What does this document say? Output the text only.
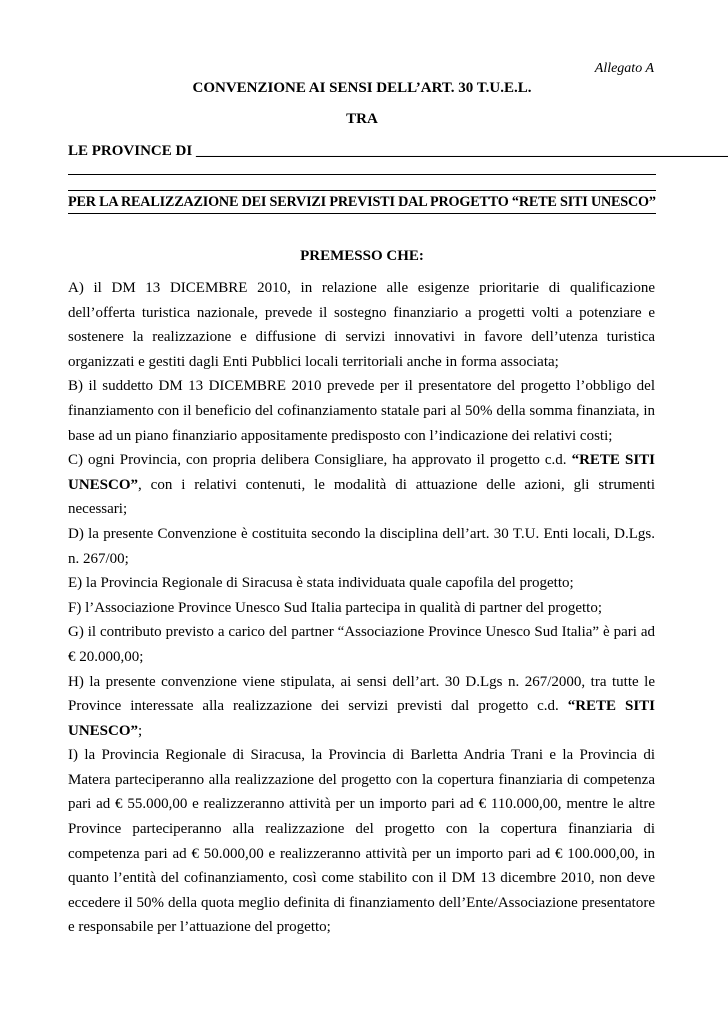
Allegato A
CONVENZIONE AI SENSI DELL’ART. 30 T.U.E.L.
TRA
LE PROVINCE DI _______________________________________________________________________
PER LA REALIZZAZIONE DEI SERVIZI PREVISTI DAL PROGETTO “RETE SITI UNESCO”
PREMESSO CHE:

A) il DM 13 DICEMBRE 2010, in relazione alle esigenze prioritarie di qualificazione dell’offerta turistica nazionale, prevede il sostegno finanziario a progetti volti a potenziare e sostenere la realizzazione e diffusione di servizi innovativi in favore dell’utenza turistica organizzati e gestiti dagli Enti Pubblici locali territoriali anche in forma associata;

B) il suddetto DM 13 DICEMBRE 2010 prevede per il presentatore del progetto l’obbligo del finanziamento con il beneficio del cofinanziamento statale pari al 50% della somma finanziata, in base ad un piano finanziario appositamente predisposto con l’indicazione dei relativi costi;

C) ogni Provincia, con propria delibera Consigliare, ha approvato il progetto c.d. “RETE SITI UNESCO”, con i relativi contenuti, le modalità di attuazione delle azioni, gli strumenti necessari;

D) la presente Convenzione è costituita secondo la disciplina dell’art. 30 T.U. Enti locali, D.Lgs. n. 267/00;

E) la Provincia Regionale di Siracusa è stata individuata quale capofila del progetto;

F) l’Associazione Province Unesco Sud Italia partecipa in qualità di partner del progetto;

G) il contributo previsto a carico del partner “Associazione Province Unesco Sud Italia” è pari ad € 20.000,00;

H) la presente convenzione viene stipulata, ai sensi dell’art. 30 D.Lgs n. 267/2000, tra tutte le Province interessate alla realizzazione dei servizi previsti dal progetto c.d. “RETE SITI UNESCO”;

I) la Provincia Regionale di Siracusa, la Provincia di Barletta Andria Trani e la Provincia di Matera parteciperanno alla realizzazione del progetto con la copertura finanziaria di competenza pari ad € 55.000,00 e realizzeranno attività per un importo pari ad € 110.000,00, mentre le altre Province parteciperanno alla realizzazione del progetto con la copertura finanziaria di competenza pari ad € 50.000,00 e realizzeranno attività per un importo pari ad € 100.000,00, in quanto l’entità del cofinanziamento, così come stabilito con il DM 13 dicembre 2010, non deve eccedere il 50% della quota meglio definita di finanziamento dell’Ente/Associazione presentatore e responsabile per l’attuazione del progetto;
